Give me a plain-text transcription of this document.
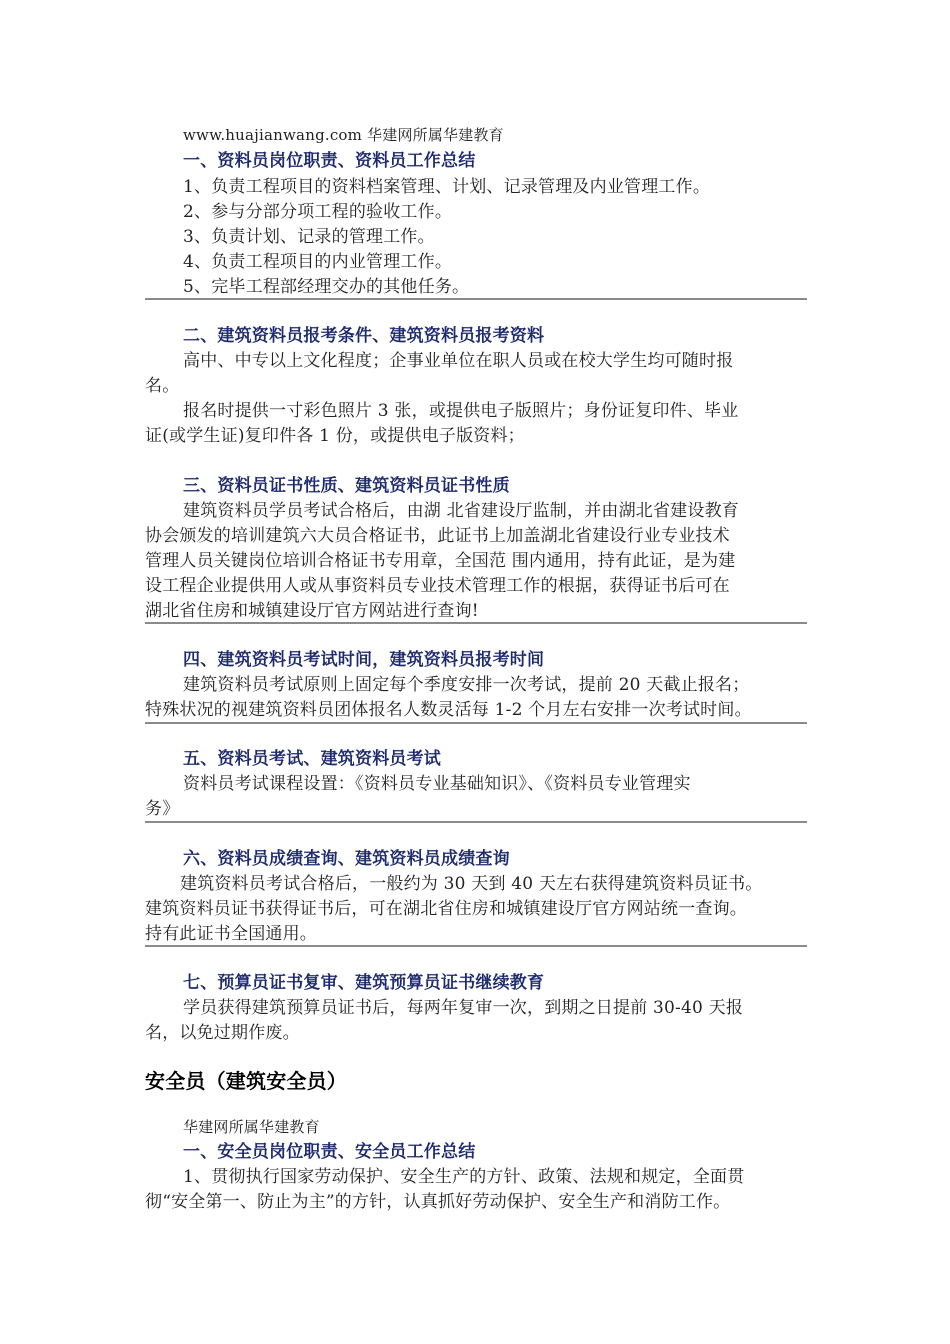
www.huajianwang.com 华建网所属华建教育
一、资料员岗位职责、资料员工作总结
1、负责工程项目的资料档案管理、计划、记录管理及内业管理工作。
2、参与分部分项工程的验收工作。
3、负责计划、记录的管理工作。
4、负责工程项目的内业管理工作。
5、完毕工程部经理交办的其他任务。
二、建筑资料员报考条件、建筑资料员报考资料
高中、中专以上文化程度；企事业单位在职人员或在校大学生均可随时报
名。
报名时提供一寸彩色照片 3 张，或提供电子版照片；身份证复印件、毕业
证(或学生证)复印件各 1 份，或提供电子版资料；
三、资料员证书性质、建筑资料员证书性质
建筑资料员学员考试合格后，由湖 北省建设厅监制，并由湖北省建设教育
协会颁发的培训建筑六大员合格证书，此证书上加盖湖北省建设行业专业技术
管理人员关键岗位培训合格证书专用章，全国范 围内通用，持有此证，是为建
设工程企业提供用人或从事资料员专业技术管理工作的根据，获得证书后可在
湖北省住房和城镇建设厅官方网站进行查询!
四、建筑资料员考试时间，建筑资料员报考时间
建筑资料员考试原则上固定每个季度安排一次考试，提前 20 天截止报名；
特殊状况的视建筑资料员团体报名人数灵活每 1-2 个月左右安排一次考试时间。
五、资料员考试、建筑资料员考试
资料员考试课程设置：《资料员专业基础知识》、《资料员专业管理实
务》
六、资料员成绩查询、建筑资料员成绩查询
建筑资料员考试合格后，一般约为 30 天到 40 天左右获得建筑资料员证书。
建筑资料员证书获得证书后，可在湖北省住房和城镇建设厅官方网站统一查询。
持有此证书全国通用。
七、预算员证书复审、建筑预算员证书继续教育
学员获得建筑预算员证书后，每两年复审一次，到期之日提前 30-40 天报
名，以免过期作废。
安全员（建筑安全员）
华建网所属华建教育
一、安全员岗位职责、安全员工作总结
1、贯彻执行国家劳动保护、安全生产的方针、政策、法规和规定，全面贯
彻“安全第一、防止为主”的方针，认真抓好劳动保护、安全生产和消防工作。
